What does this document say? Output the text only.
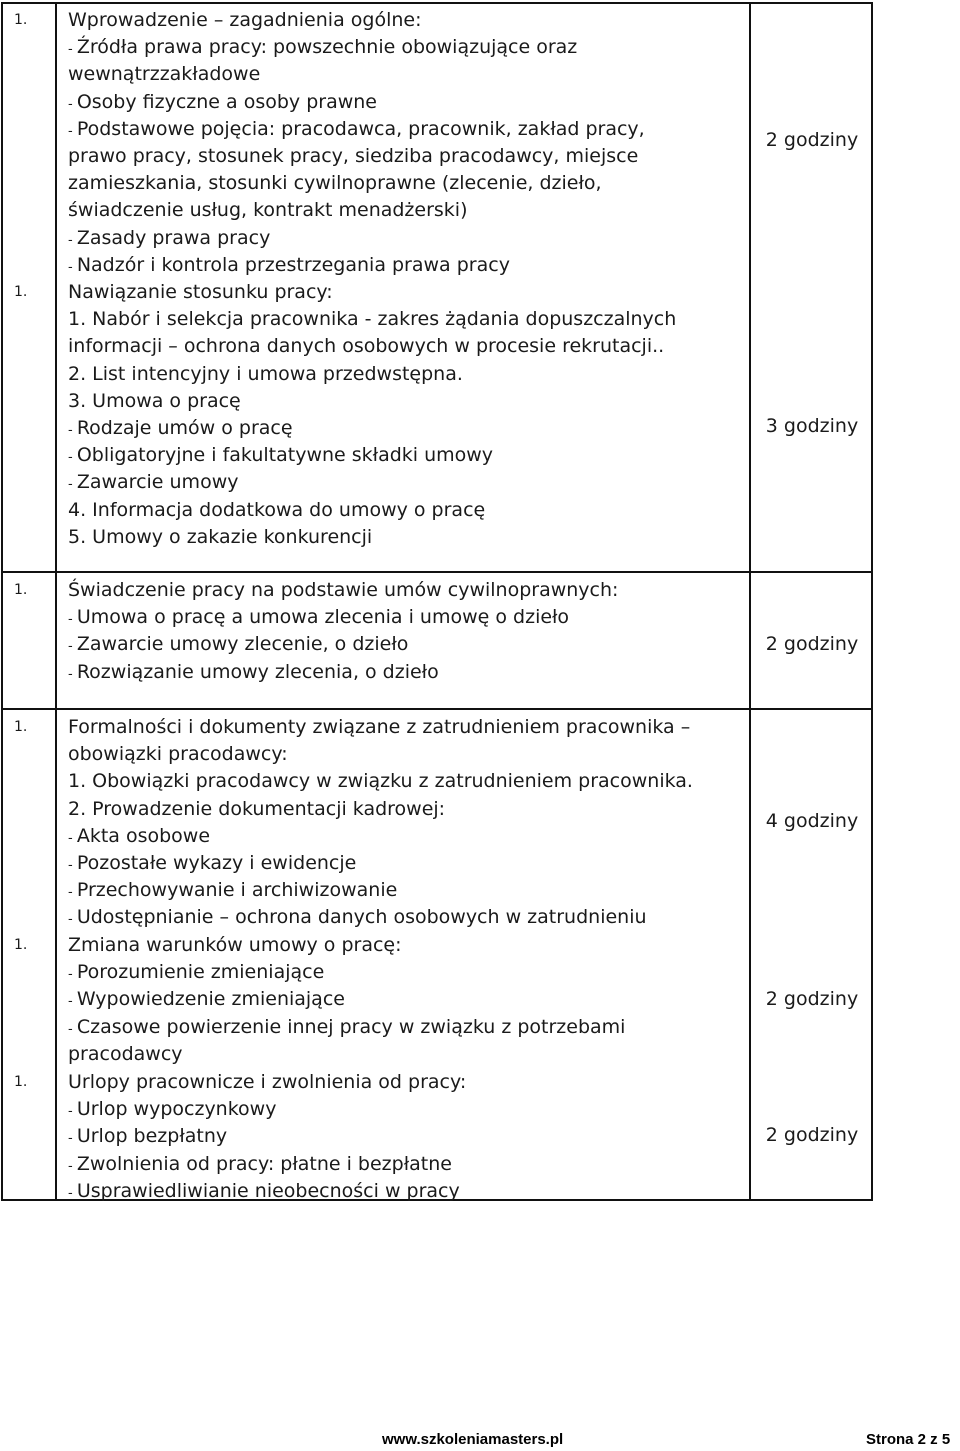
1.	Wprowadzenie – zagadnienia ogólne:
- Źródła prawa pracy: powszechnie obowiązujące oraz
wewnątrzzakładowe
- Osoby fizyczne a osoby prawne
- Podstawowe pojęcia: pracodawca, pracownik, zakład pracy,
prawo pracy, stosunek pracy, siedziba pracodawcy, miejsce
zamieszkania, stosunki cywilnoprawne (zlecenie, dzieło,
świadczenie usług, kontrakt menadżerski)
- Zasady prawa pracy
- Nadzór i kontrola przestrzegania prawa pracy
2 godziny
1.	Nawiązanie stosunku pracy:
1. Nabór i selekcja pracownika - zakres żądania dopuszczalnych
informacji – ochrona danych osobowych w procesie rekrutacji..
2. List intencyjny i umowa przedwstępna.
3. Umowa o pracę
- Rodzaje umów o pracę
- Obligatoryjne i fakultatywne składki umowy
- Zawarcie umowy
4. Informacja dodatkowa do umowy o pracę
5. Umowy o zakazie konkurencji
3 godziny
1.	Świadczenie pracy na podstawie umów cywilnoprawnych:
- Umowa o pracę a umowa zlecenia i umowę o dzieło
- Zawarcie umowy zlecenie, o dzieło
- Rozwiązanie umowy zlecenia, o dzieło
2 godziny
1.	Formalności i dokumenty związane z zatrudnieniem pracownika –
obowiązki pracodawcy:
1. Obowiązki pracodawcy w związku z zatrudnieniem pracownika.
2. Prowadzenie dokumentacji kadrowej:
- Akta osobowe
- Pozostałe wykazy i ewidencje
- Przechowywanie i archiwizowanie
- Udostępnianie – ochrona danych osobowych w zatrudnieniu
4 godziny
1.	Zmiana warunków umowy o pracę:
- Porozumienie zmieniające
- Wypowiedzenie zmieniające
- Czasowe powierzenie innej pracy w związku z potrzebami
pracodawcy
2 godziny
1.	Urlopy pracownicze i zwolnienia od pracy:
- Urlop wypoczynkowy
- Urlop bezpłatny
- Zwolnienia od pracy: płatne i bezpłatne
- Usprawiedliwianie nieobecności w pracy
2 godziny
www.szkoleniamasters.pl	Strona 2 z 5
